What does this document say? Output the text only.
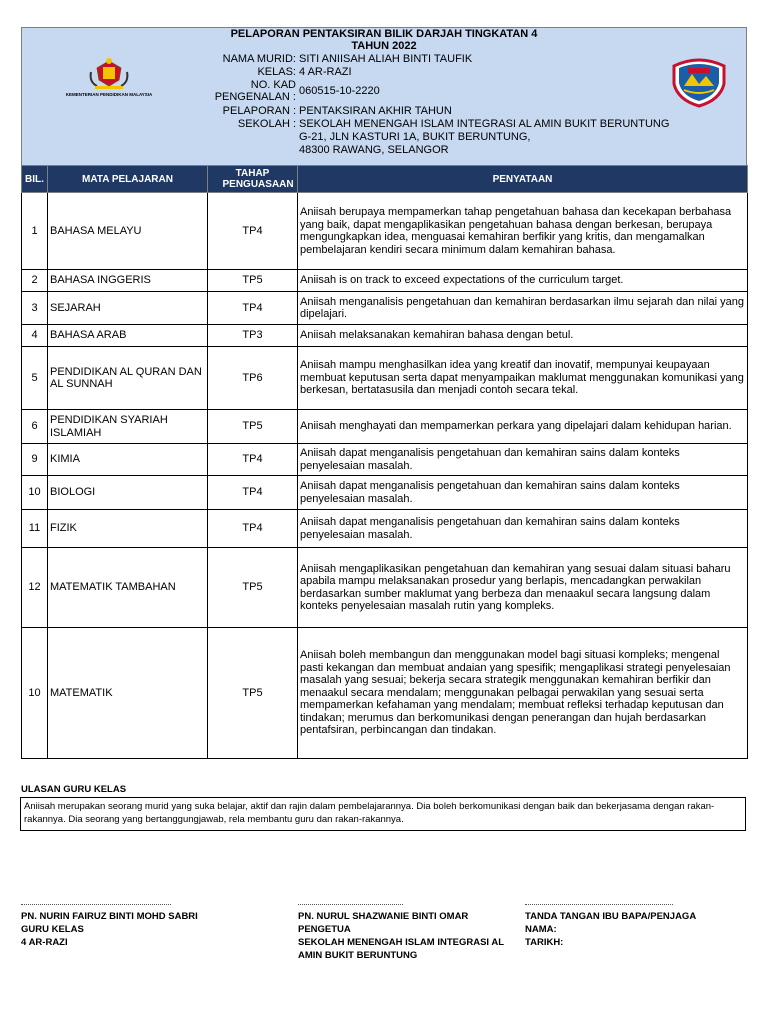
PELAPORAN PENTAKSIRAN BILIK DARJAH TINGKATAN 4
TAHUN 2022
KEMENTERIAN PENDIDIKAN MALAYSIA
NAMA MURID: SITI ANIISAH ALIAH BINTI TAUFIK
KELAS: 4 AR-RAZI
NO. KAD
PENGENALAN : 060515-10-2220
PELAPORAN : PENTAKSIRAN AKHIR TAHUN
SEKOLAH : SEKOLAH MENENGAH ISLAM INTEGRASI AL AMIN BUKIT BERUNTUNG
G-21, JLN KASTURI 1A, BUKIT BERUNTUNG,
48300 RAWANG, SELANGOR
BIL.	MATA PELAJARAN	TAHAP PENGUASAAN	PENYATAAN
1	BAHASA MELAYU	TP4	Aniisah berupaya mempamerkan tahap pengetahuan bahasa dan kecekapan berbahasa yang baik, dapat mengaplikasikan pengetahuan bahasa dengan berkesan, berupaya mengungkapkan idea, menguasai kemahiran berfikir yang kritis, dan mengamalkan pembelajaran kendiri secara minimum dalam kemahiran bahasa.
2	BAHASA INGGERIS	TP5	Aniisah is on track to exceed expectations of the curriculum target.
3	SEJARAH	TP4	Aniisah menganalisis pengetahuan dan kemahiran berdasarkan ilmu sejarah dan nilai yang dipelajari.
4	BAHASA ARAB	TP3	Aniisah melaksanakan kemahiran bahasa dengan betul.
5	PENDIDIKAN AL QURAN DAN AL SUNNAH	TP6	Aniisah mampu menghasilkan idea yang kreatif dan inovatif, mempunyai keupayaan membuat keputusan serta dapat menyampaikan maklumat menggunakan komunikasi yang berkesan, bertatasusila dan menjadi contoh secara tekal.
6	PENDIDIKAN SYARIAH ISLAMIAH	TP5	Aniisah menghayati dan mempamerkan perkara yang dipelajari dalam kehidupan harian.
9	KIMIA	TP4	Aniisah dapat menganalisis pengetahuan dan kemahiran sains dalam konteks penyelesaian masalah.
10	BIOLOGI	TP4	Aniisah dapat menganalisis pengetahuan dan kemahiran sains dalam konteks penyelesaian masalah.
11	FIZIK	TP4	Aniisah dapat menganalisis pengetahuan dan kemahiran sains dalam konteks penyelesaian masalah.
12	MATEMATIK TAMBAHAN	TP5	Aniisah mengaplikasikan pengetahuan dan kemahiran yang sesuai dalam situasi baharu apabila mampu melaksanakan prosedur yang berlapis, mencadangkan perwakilan berdasarkan sumber maklumat yang berbeza dan menaakul secara langsung dalam konteks penyelesaian masalah rutin yang kompleks.
10	MATEMATIK	TP5	Aniisah boleh membangun dan menggunakan model bagi situasi kompleks; mengenal pasti kekangan dan membuat andaian yang spesifik; mengaplikasi strategi penyelesaian masalah yang sesuai; bekerja secara strategik menggunakan kemahiran berfikir dan menaakul secara mendalam; menggunakan pelbagai perwakilan yang sesuai serta mempamerkan kefahaman yang mendalam; membuat refleksi terhadap keputusan dan tindakan; merumus dan berkomunikasi dengan penerangan dan hujah berdasarkan pentafsiran, perbincangan dan tindakan.
ULASAN GURU KELAS
Aniisah merupakan seorang murid yang suka belajar, aktif dan rajin dalam pembelajarannya. Dia boleh berkomunikasi dengan baik dan bekerjasama dengan rakan-rakannya. Dia seorang yang bertanggungjawab, rela membantu guru dan rakan-rakannya.
PN. NURIN FAIRUZ BINTI MOHD SABRI
GURU KELAS
4 AR-RAZI
PN. NURUL SHAZWANIE BINTI OMAR
PENGETUA
SEKOLAH MENENGAH ISLAM INTEGRASI AL AMIN BUKIT BERUNTUNG
TANDA TANGAN IBU BAPA/PENJAGA
NAMA:
TARIKH:
